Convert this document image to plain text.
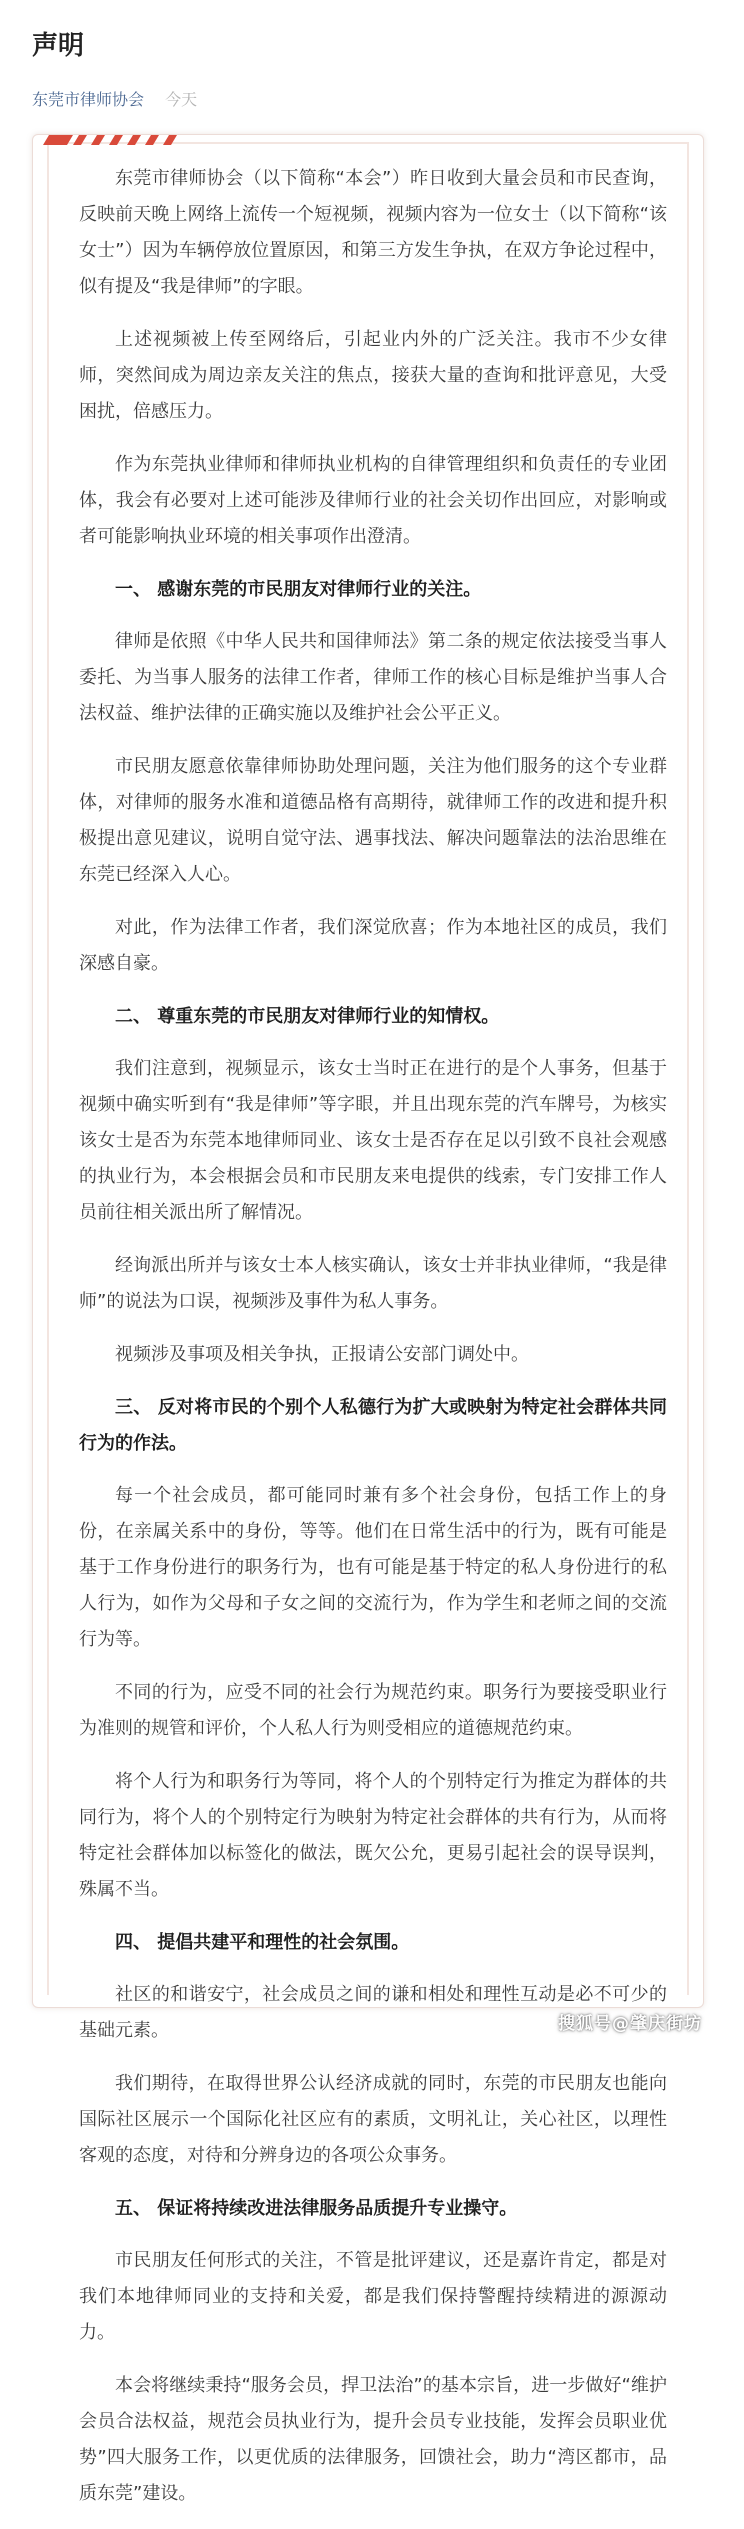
声明
东莞市律师协会 今天

东莞市律师协会（以下简称“本会”）昨日收到大量会员和市民查询，反映前天晚上网络上流传一个短视频，视频内容为一位女士（以下简称“该女士”）因为车辆停放位置原因，和第三方发生争执，在双方争论过程中，似有提及“我是律师”的字眼。

上述视频被上传至网络后，引起业内外的广泛关注。我市不少女律师，突然间成为周边亲友关注的焦点，接获大量的查询和批评意见，大受困扰，倍感压力。

作为东莞执业律师和律师执业机构的自律管理组织和负责任的专业团体，我会有必要对上述可能涉及律师行业的社会关切作出回应，对影响或者可能影响执业环境的相关事项作出澄清。

一、 感谢东莞的市民朋友对律师行业的关注。

律师是依照《中华人民共和国律师法》第二条的规定依法接受当事人委托、为当事人服务的法律工作者，律师工作的核心目标是维护当事人合法权益、维护法律的正确实施以及维护社会公平正义。

市民朋友愿意依靠律师协助处理问题，关注为他们服务的这个专业群体，对律师的服务水准和道德品格有高期待，就律师工作的改进和提升积极提出意见建议，说明自觉守法、遇事找法、解决问题靠法的法治思维在东莞已经深入人心。

对此，作为法律工作者，我们深觉欣喜；作为本地社区的成员，我们深感自豪。

二、 尊重东莞的市民朋友对律师行业的知情权。

我们注意到，视频显示，该女士当时正在进行的是个人事务，但基于视频中确实听到有“我是律师”等字眼，并且出现东莞的汽车牌号，为核实该女士是否为东莞本地律师同业、该女士是否存在足以引致不良社会观感的执业行为，本会根据会员和市民朋友来电提供的线索，专门安排工作人员前往相关派出所了解情况。

经询派出所并与该女士本人核实确认，该女士并非执业律师，“我是律师”的说法为口误，视频涉及事件为私人事务。

视频涉及事项及相关争执，正报请公安部门调处中。

三、 反对将市民的个别个人私德行为扩大或映射为特定社会群体共同行为的作法。

每一个社会成员，都可能同时兼有多个社会身份，包括工作上的身份，在亲属关系中的身份，等等。他们在日常生活中的行为，既有可能是基于工作身份进行的职务行为，也有可能是基于特定的私人身份进行的私人行为，如作为父母和子女之间的交流行为，作为学生和老师之间的交流行为等。

不同的行为，应受不同的社会行为规范约束。职务行为要接受职业行为准则的规管和评价，个人私人行为则受相应的道德规范约束。

将个人行为和职务行为等同，将个人的个别特定行为推定为群体的共同行为，将个人的个别特定行为映射为特定社会群体的共有行为，从而将特定社会群体加以标签化的做法，既欠公允，更易引起社会的误导误判，殊属不当。

四、 提倡共建平和理性的社会氛围。

社区的和谐安宁，社会成员之间的谦和相处和理性互动是必不可少的基础元素。

我们期待，在取得世界公认经济成就的同时，东莞的市民朋友也能向国际社区展示一个国际化社区应有的素质，文明礼让，关心社区，以理性客观的态度，对待和分辨身边的各项公众事务。

五、 保证将持续改进法律服务品质提升专业操守。

市民朋友任何形式的关注，不管是批评建议，还是嘉许肯定，都是对我们本地律师同业的支持和关爱，都是我们保持警醒持续精进的源源动力。

本会将继续秉持“服务会员，捍卫法治”的基本宗旨，进一步做好“维护会员合法权益，规范会员执业行为，提升会员专业技能，发挥会员职业优势”四大服务工作，以更优质的法律服务，回馈社会，助力“湾区都市，品质东莞”建设。

搜狐号@肇庆街坊
